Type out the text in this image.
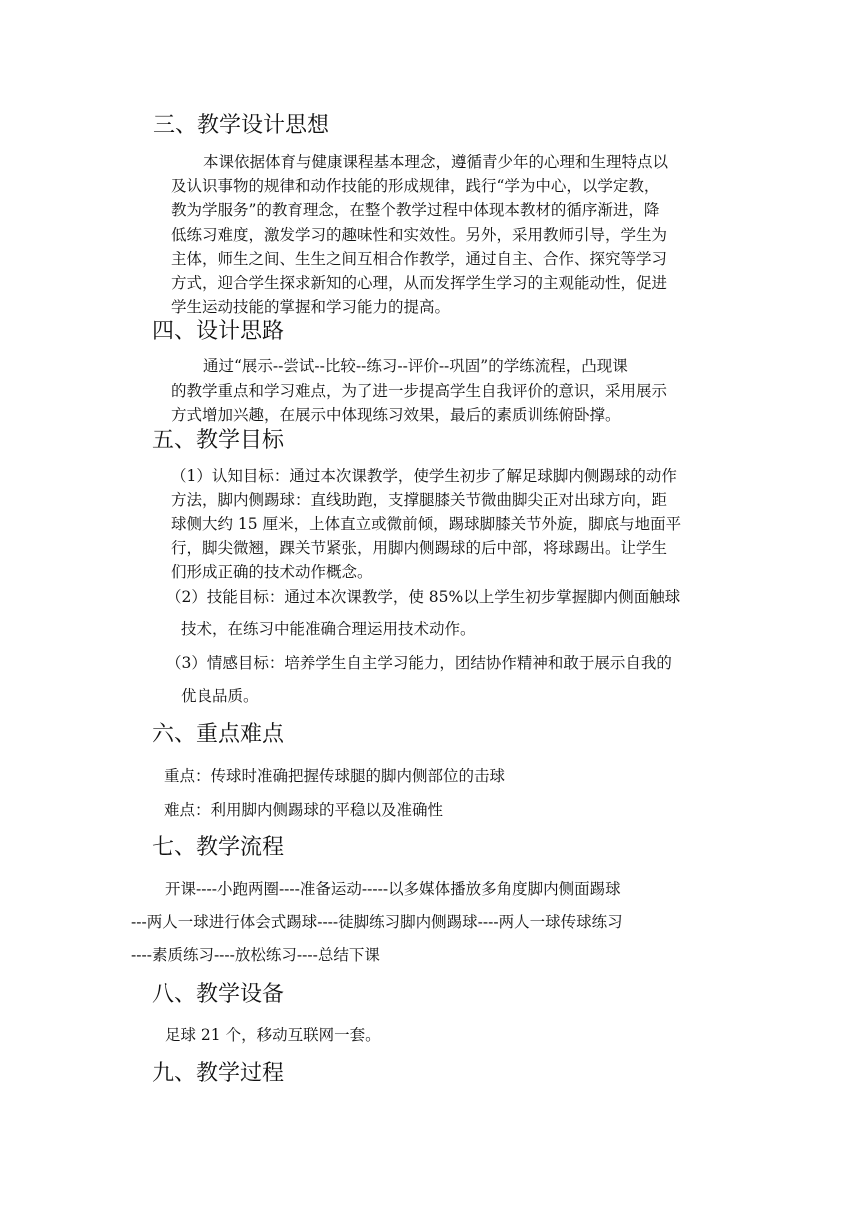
三、教学设计思想
本课依据体育与健康课程基本理念，遵循青少年的心理和生理特点以
及认识事物的规律和动作技能的形成规律，践行“学为中心，以学定教，
教为学服务”的教育理念，在整个教学过程中体现本教材的循序渐进，降
低练习难度，激发学习的趣味性和实效性。另外，采用教师引导，学生为
主体，师生之间、生生之间互相合作教学，通过自主、合作、探究等学习
方式，迎合学生探求新知的心理，从而发挥学生学习的主观能动性，促进
学生运动技能的掌握和学习能力的提高。
四、设计思路
通过“展示--尝试--比较--练习--评价--巩固”的学练流程，凸现课
的教学重点和学习难点，为了进一步提高学生自我评价的意识，采用展示
方式增加兴趣，在展示中体现练习效果，最后的素质训练俯卧撑。
五、教学目标
（1）认知目标：通过本次课教学，使学生初步了解足球脚内侧踢球的动作
方法，脚内侧踢球：直线助跑，支撑腿膝关节微曲脚尖正对出球方向，距
球侧大约 15 厘米，上体直立或微前倾，踢球脚膝关节外旋，脚底与地面平
行，脚尖微翘，踝关节紧张，用脚内侧踢球的后中部，将球踢出。让学生
们形成正确的技术动作概念。
（2）技能目标：通过本次课教学，使 85%以上学生初步掌握脚内侧面触球
技术，在练习中能准确合理运用技术动作。
（3）情感目标：培养学生自主学习能力，团结协作精神和敢于展示自我的
优良品质。
六、重点难点
重点：传球时准确把握传球腿的脚内侧部位的击球
难点：利用脚内侧踢球的平稳以及准确性
七、教学流程
开课----小跑两圈----准备运动-----以多媒体播放多角度脚内侧面踢球
---两人一球进行体会式踢球----徒脚练习脚内侧踢球----两人一球传球练习
----素质练习----放松练习----总结下课
八、教学设备
足球 21 个，移动互联网一套。
九、教学过程
